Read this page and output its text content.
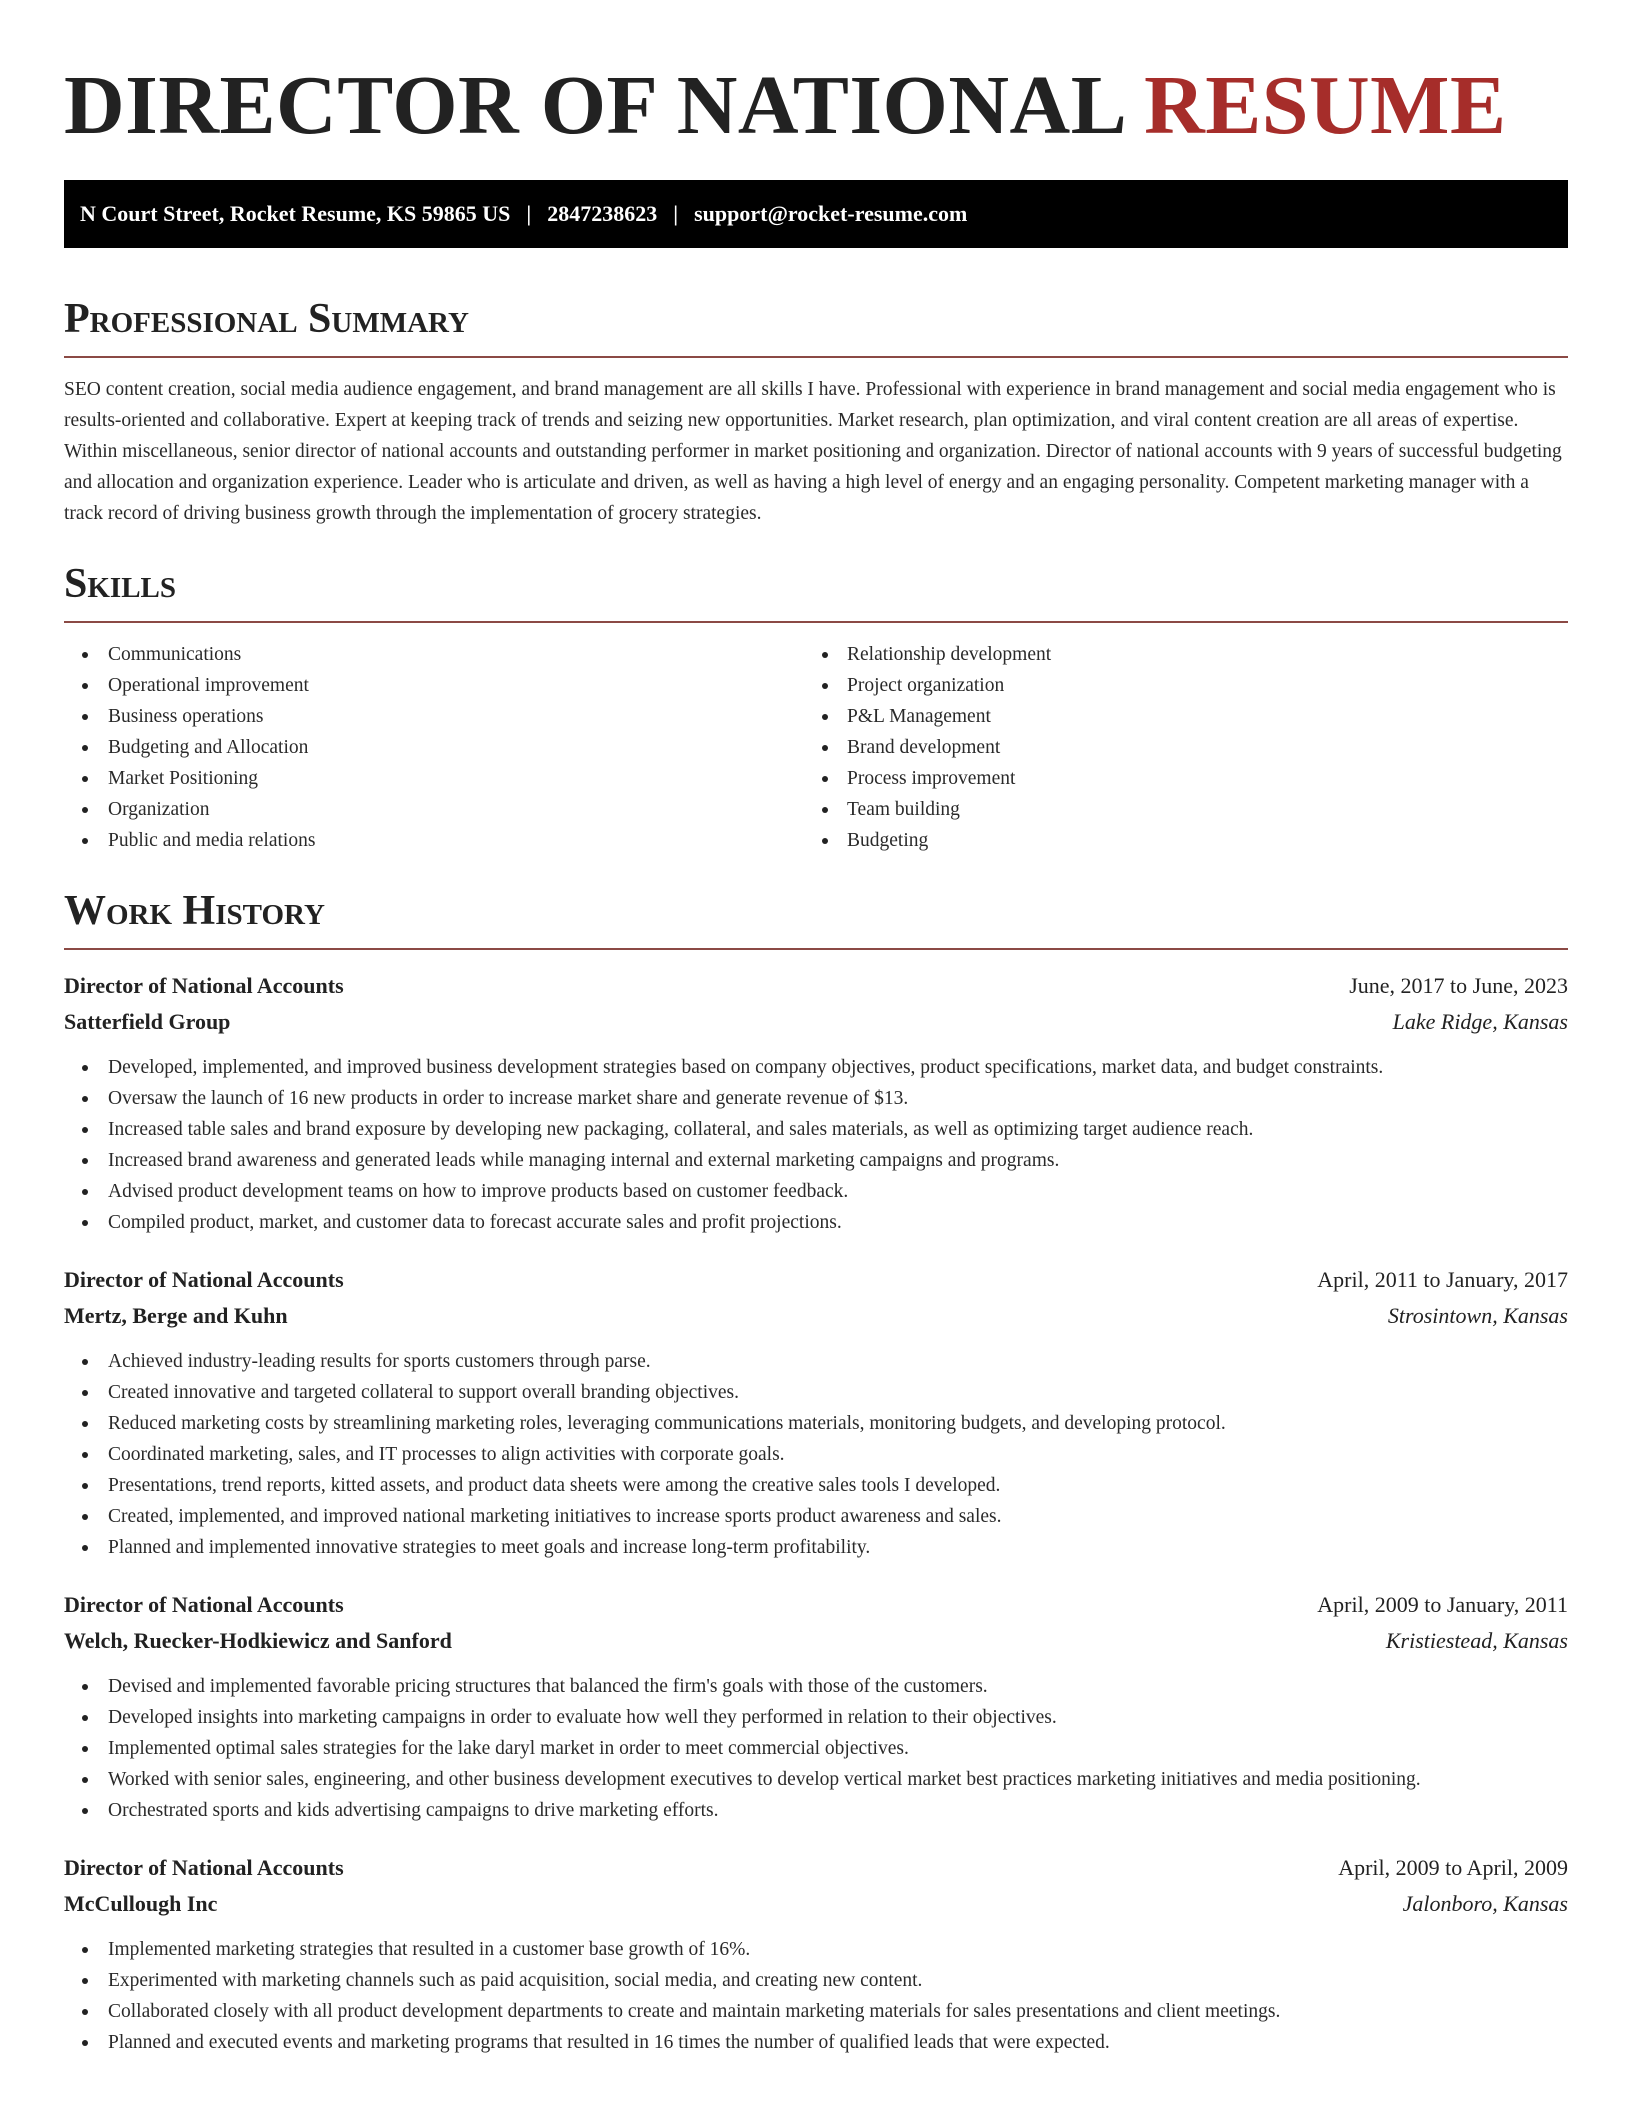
DIRECTOR OF NATIONAL RESUME
N Court Street, Rocket Resume, KS 59865 US | 2847238623 | support@rocket-resume.com
Professional Summary

SEO content creation, social media audience engagement, and brand management are all skills I have. Professional with experience in brand management and social media engagement who is results-oriented and collaborative. Expert at keeping track of trends and seizing new opportunities. Market research, plan optimization, and viral content creation are all areas of expertise. Within miscellaneous, senior director of national accounts and outstanding performer in market positioning and organization. Director of national accounts with 9 years of successful budgeting and allocation and organization experience. Leader who is articulate and driven, as well as having a high level of energy and an engaging personality. Competent marketing manager with a track record of driving business growth through the implementation of grocery strategies.

Skills
Communications
Operational improvement
Business operations
Budgeting and Allocation
Market Positioning
Organization
Public and media relations
Relationship development
Project organization
P&L Management
Brand development
Process improvement
Team building
Budgeting
Work History
Director of National Accounts	June, 2017 to June, 2023
Satterfield Group	Lake Ridge, Kansas
Developed, implemented, and improved business development strategies based on company objectives, product specifications, market data, and budget constraints.
Oversaw the launch of 16 new products in order to increase market share and generate revenue of $13.
Increased table sales and brand exposure by developing new packaging, collateral, and sales materials, as well as optimizing target audience reach.
Increased brand awareness and generated leads while managing internal and external marketing campaigns and programs.
Advised product development teams on how to improve products based on customer feedback.
Compiled product, market, and customer data to forecast accurate sales and profit projections.
Director of National Accounts	April, 2011 to January, 2017
Mertz, Berge and Kuhn	Strosintown, Kansas
Achieved industry-leading results for sports customers through parse.
Created innovative and targeted collateral to support overall branding objectives.
Reduced marketing costs by streamlining marketing roles, leveraging communications materials, monitoring budgets, and developing protocol.
Coordinated marketing, sales, and IT processes to align activities with corporate goals.
Presentations, trend reports, kitted assets, and product data sheets were among the creative sales tools I developed.
Created, implemented, and improved national marketing initiatives to increase sports product awareness and sales.
Planned and implemented innovative strategies to meet goals and increase long-term profitability.
Director of National Accounts	April, 2009 to January, 2011
Welch, Ruecker-Hodkiewicz and Sanford	Kristiestead, Kansas
Devised and implemented favorable pricing structures that balanced the firm's goals with those of the customers.
Developed insights into marketing campaigns in order to evaluate how well they performed in relation to their objectives.
Implemented optimal sales strategies for the lake daryl market in order to meet commercial objectives.
Worked with senior sales, engineering, and other business development executives to develop vertical market best practices marketing initiatives and media positioning.
Orchestrated sports and kids advertising campaigns to drive marketing efforts.
Director of National Accounts	April, 2009 to April, 2009
McCullough Inc	Jalonboro, Kansas
Implemented marketing strategies that resulted in a customer base growth of 16%.
Experimented with marketing channels such as paid acquisition, social media, and creating new content.
Collaborated closely with all product development departments to create and maintain marketing materials for sales presentations and client meetings.
Planned and executed events and marketing programs that resulted in 16 times the number of qualified leads that were expected.
